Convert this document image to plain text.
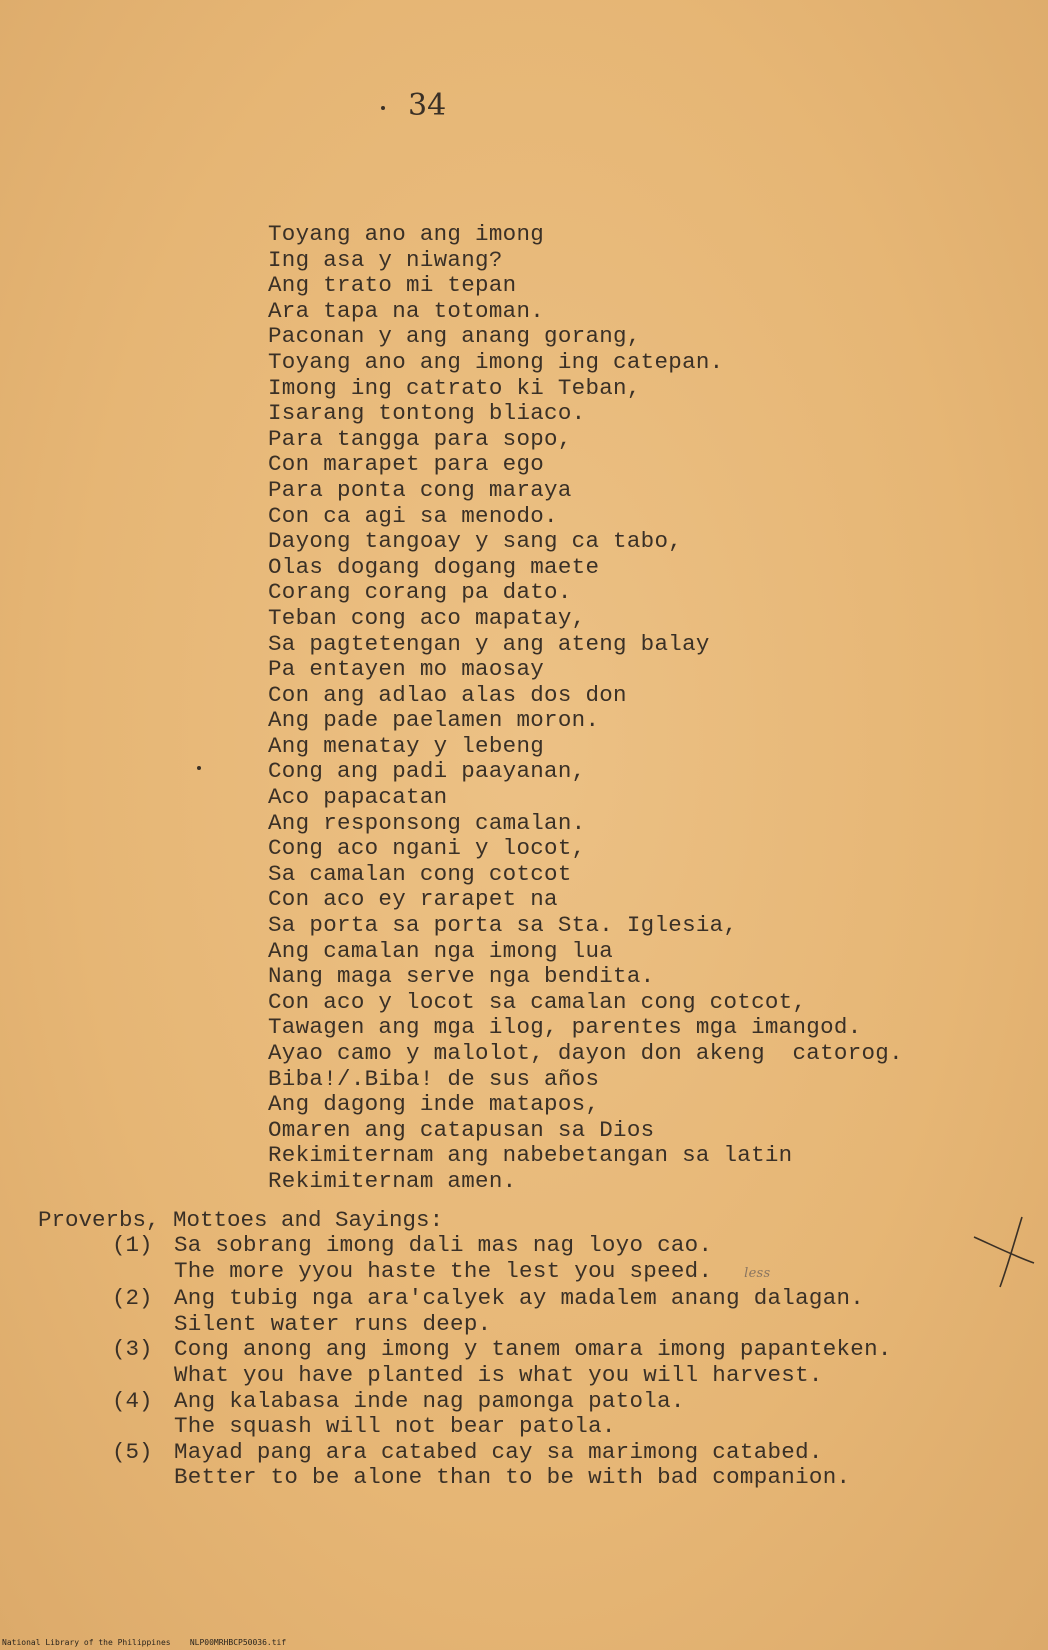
34
Toyang ano ang imong
Ing asa y niwang?
Ang trato mi tepan
Ara tapa na totoman.
Paconan y ang anang gorang,
Toyang ano ang imong ing catepan.
Imong ing catrato ki Teban,
Isarang tontong bliaco.
Para tangga para sopo,
Con marapet para ego
Para ponta cong maraya
Con ca agi sa menodo.
Dayong tangoay y sang ca tabo,
Olas dogang dogang maete
Corang corang pa dato.
Teban cong aco mapatay,
Sa pagtetengan y ang ateng balay
Pa entayen mo maosay
Con ang adlao alas dos don
Ang pade paelamen moron.
Ang menatay y lebeng
Cong ang padi paayanan,
Aco papacatan
Ang responsong camalan.
Cong aco ngani y locot,
Sa camalan cong cotcot
Con aco ey rarapet na
Sa porta sa porta sa Sta. Iglesia,
Ang camalan nga imong lua
Nang maga serve nga bendita.
Con aco y locot sa camalan cong cotcot,
Tawagen ang mga ilog, parentes mga imangod.
Ayao camo y malolot, dayon don akeng  catorog.
Biba!/.Biba! de sus años
Ang dagong inde matapos,
Omaren ang catapusan sa Dios
Rekimiternam ang nabebetangan sa latin
Rekimiternam amen.
Proverbs, Mottoes and Sayings:
(1) Sa sobrang imong dali mas nag loyo cao.
The more yyou haste the lest you speed. less
(2) Ang tubig nga ara'calyek ay madalem anang dalagan.
Silent water runs deep.
(3) Cong anong ang imong y tanem omara imong papanteken.
What you have planted is what you will harvest.
(4) Ang kalabasa inde nag pamonga patola.
The squash will not bear patola.
(5) Mayad pang ara catabed cay sa marimong catabed.
Better to be alone than to be with bad companion.
National Library of the Philippines    NLP00MRHBCP50036.tif
